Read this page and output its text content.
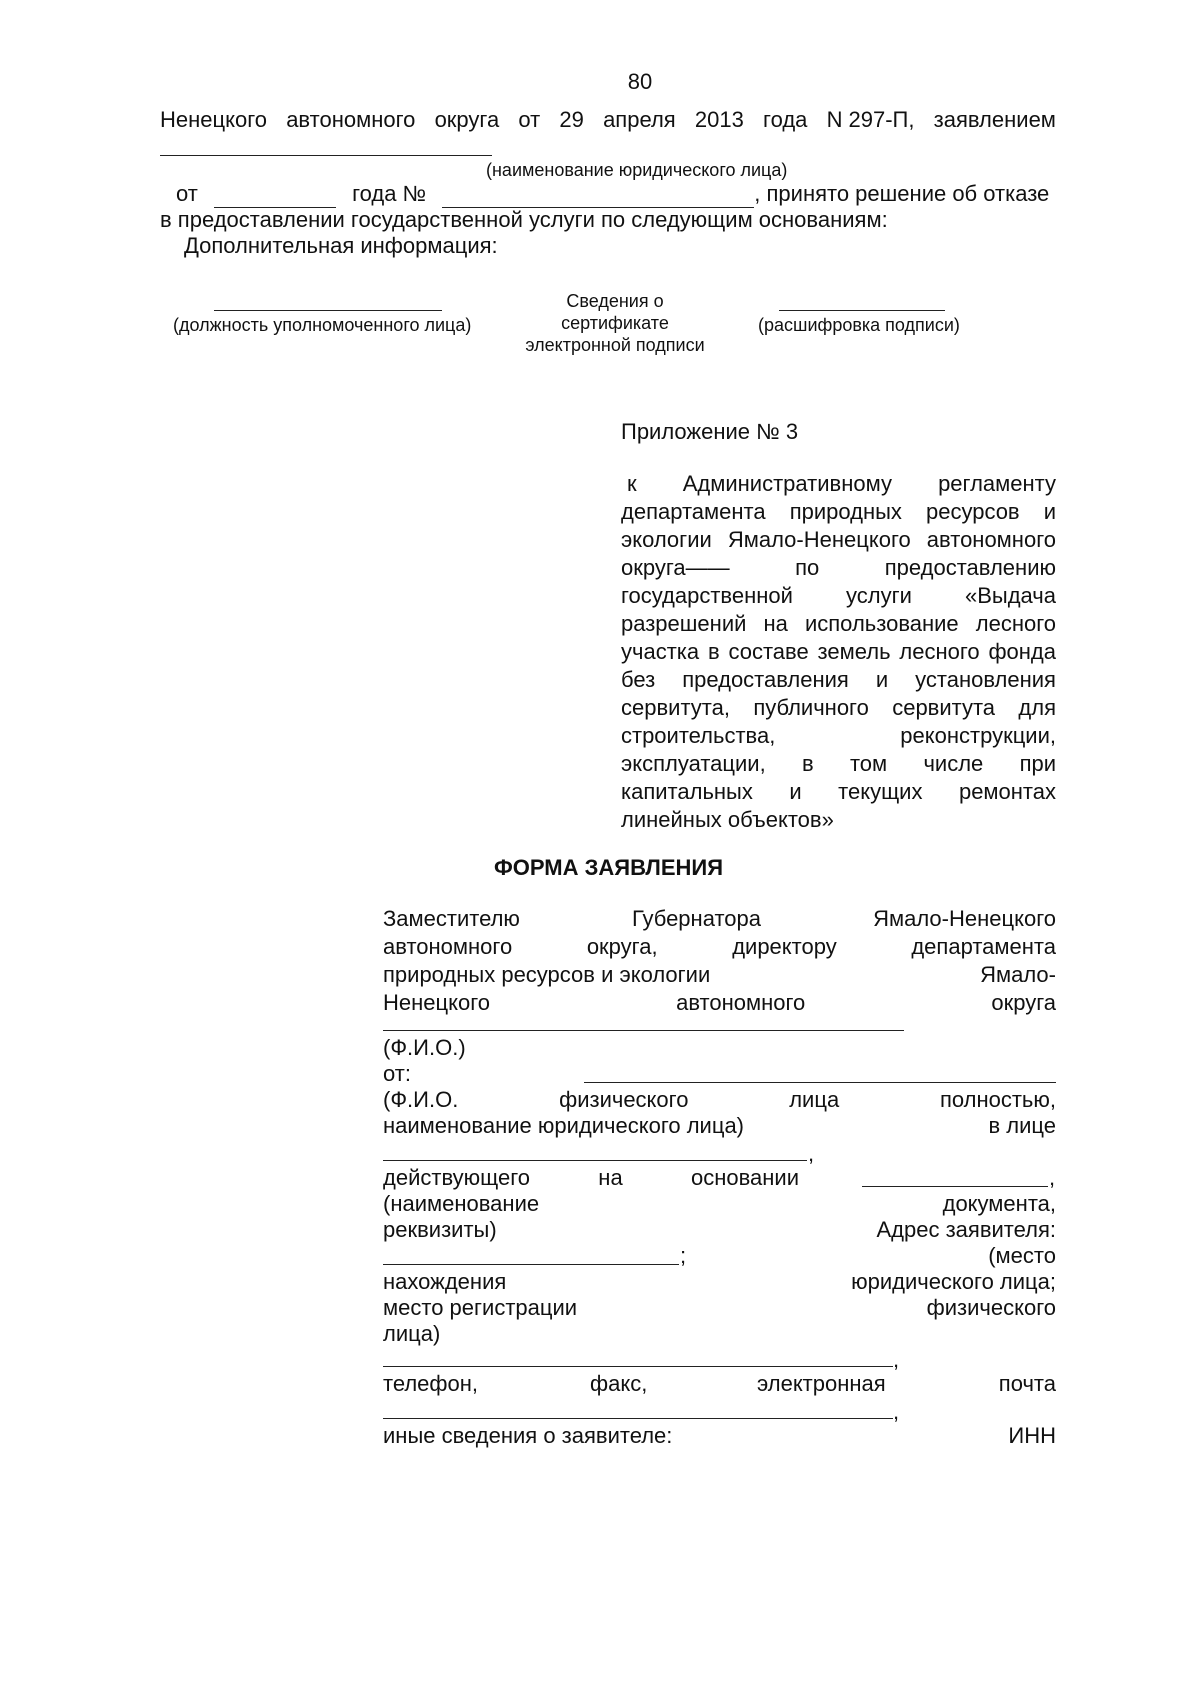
80
Ненецкого автономного округа от 29 апреля 2013 года N 297-П, заявлением
(наименование юридического лица)
от	года №	, принято решение об отказе
в предоставлении государственной услуги по следующим основаниям:
Дополнительная информация:
(должность уполномоченного лица)
Сведения о
сертификате
электронной подписи
(расшифровка подписи)
Приложение № 3
к Административному регламенту
департамента природных ресурсов и
экологии Ямало-Ненецкого автономного
округа——	по	предоставлению
государственной услуги «Выдача
разрешений на использование лесного
участка в составе земель лесного фонда
без предоставления и установления
сервитута, публичного сервитута для
строительства,	реконструкции,
эксплуатации, в том числе при
капитальных и текущих ремонтах
линейных объектов»
ФОРМА ЗАЯВЛЕНИЯ
Заместителю	Губернатора	Ямало-Ненецкого
автономного	округа,	директору	департамента
природных ресурсов и экологии	Ямало-
Ненецкого	автономного	округа
(Ф.И.О.)
от:
(Ф.И.О.	физического	лица	полностью,
наименование юридического лица)	в лице
,
действующего	на	основании	,
(наименование	документа,
реквизиты)	Адрес заявителя:
;	(место
нахождения	юридического лица;
место регистрации	физического
лица)
,
телефон,	факс,	электронная	почта
,
иные сведения о заявителе:	ИНН
